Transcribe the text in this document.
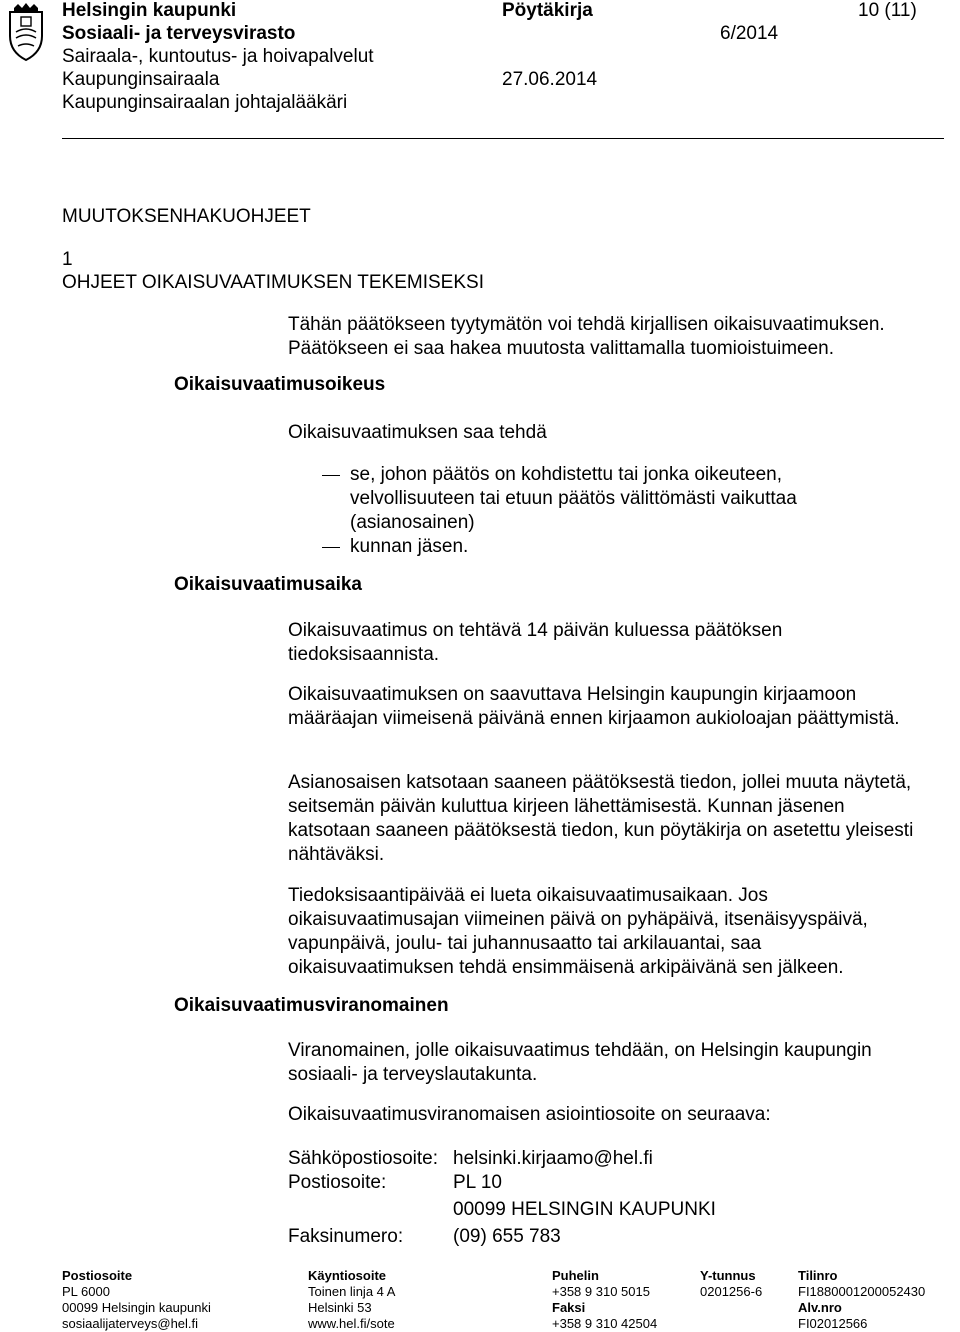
Helsingin kaupunki
Sosiaali- ja terveysvirasto
Sairaala-, kuntoutus- ja hoivapalvelut
Kaupunginsairaala
Kaupunginsairaalan johtajalääkäri
Pöytäkirja
6/2014
27.06.2014
10 (11)
MUUTOKSENHAKUOHJEET
1
OHJEET OIKAISUVAATIMUKSEN TEKEMISEKSI
Tähän päätökseen tyytymätön voi tehdä kirjallisen oikaisuvaatimuksen. Päätökseen ei saa hakea muutosta valittamalla tuomioistuimeen.
Oikaisuvaatimusoikeus
Oikaisuvaatimuksen saa tehdä
se, johon päätös on kohdistettu tai jonka oikeuteen, velvollisuuteen tai etuun päätös välittömästi vaikuttaa (asianosainen)
kunnan jäsen.
Oikaisuvaatimusaika
Oikaisuvaatimus on tehtävä 14 päivän kuluessa päätöksen tiedoksisaannista.
Oikaisuvaatimuksen on saavuttava Helsingin kaupungin kirjaamoon määräajan viimeisenä päivänä ennen kirjaamon aukioloajan päättymistä.
Asianosaisen katsotaan saaneen päätöksestä tiedon, jollei muuta näytetä, seitsemän päivän kuluttua kirjeen lähettämisestä. Kunnan jäsenen katsotaan saaneen päätöksestä tiedon, kun pöytäkirja on asetettu yleisesti nähtäväksi.
Tiedoksisaantipäivää ei lueta oikaisuvaatimusaikaan. Jos oikaisuvaatimusajan viimeinen päivä on pyhäpäivä, itsenäisyyspäivä, vapunpäivä, joulu- tai juhannusaatto tai arkilauantai, saa oikaisuvaatimuksen tehdä ensimmäisenä arkipäivänä sen jälkeen.
Oikaisuvaatimusviranomainen
Viranomainen, jolle oikaisuvaatimus tehdään, on Helsingin kaupungin sosiaali- ja terveyslautakunta.
Oikaisuvaatimusviranomaisen asiointiosoite on seuraava:
Sähköpostiosoite: helsinki.kirjaamo@hel.fi
Postiosoite:	PL 10
00099 HELSINGIN KAUPUNKI
Faksinumero:	(09) 655 783
Postiosoite
PL 6000
00099 Helsingin kaupunki
sosiaalijaterveys@hel.fi
Käyntiosoite
Toinen linja 4 A
Helsinki 53
www.hel.fi/sote
Puhelin
+358 9 310 5015
Faksi
+358 9 310 42504
Y-tunnus
0201256-6
Tilinro
FI1880001200052430
Alv.nro
FI02012566
